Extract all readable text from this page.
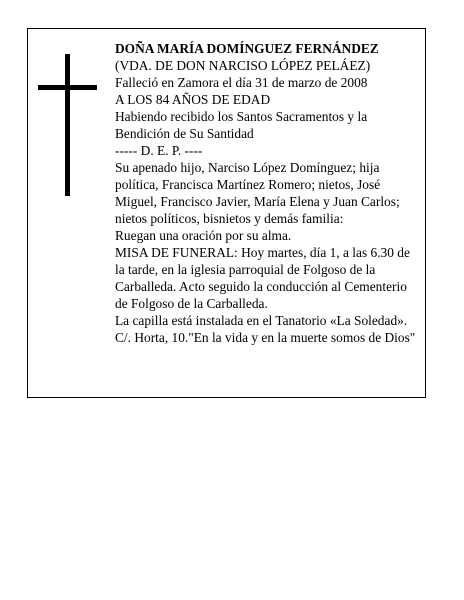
DOÑA MARÍA DOMÍNGUEZ FERNÁNDEZ

(VDA. DE DON NARCISO LÓPEZ PELÁEZ)

Falleció en Zamora el día 31 de marzo de 2008

A LOS 84 AÑOS DE EDAD

Habiendo recibido los Santos Sacramentos y la Bendición de Su Santidad

----- D. E. P. ----

Su apenado hijo, Narciso López Domínguez; hija política, Francisca Martínez Romero; nietos, José Miguel, Francisco Javier, María Elena y Juan Carlos; nietos políticos, bisnietos y demás familia:

Ruegan una oración por su alma.

MISA DE FUNERAL: Hoy martes, día 1, a las 6.30 de la tarde, en la iglesia parroquial de Folgoso de la Carballeda. Acto seguido la conducción al Cementerio de Folgoso de la Carballeda.

La capilla está instalada en el Tanatorio «La Soledad». C/. Horta, 10."En la vida y en la muerte somos de Dios"
